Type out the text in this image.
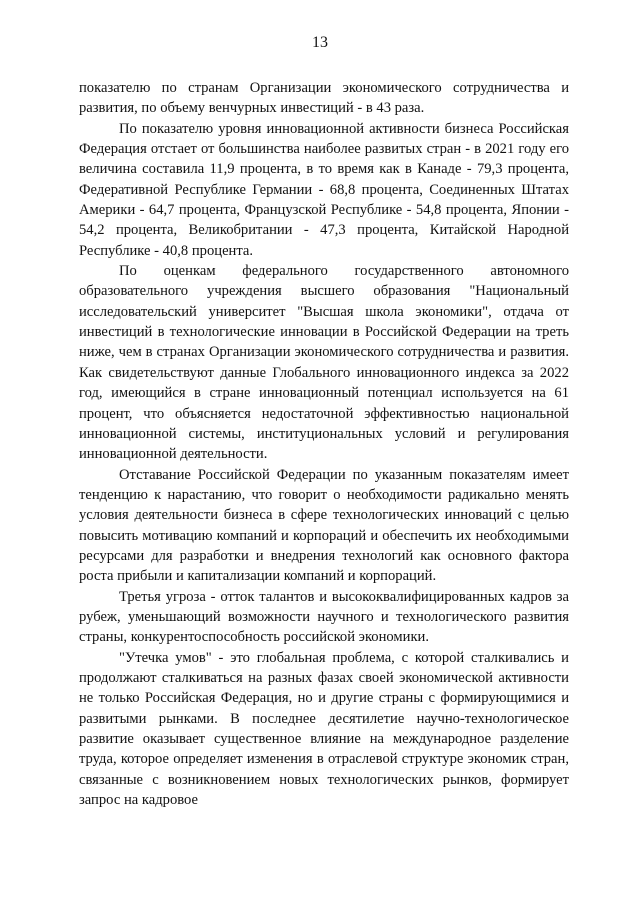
13

показателю по странам Организации экономического сотрудничества и развития, по объему венчурных инвестиций - в 43 раза.

По показателю уровня инновационной активности бизнеса Российская Федерация отстает от большинства наиболее развитых стран - в 2021 году его величина составила 11,9 процента, в то время как в Канаде - 79,3 процента, Федеративной Республике Германии - 68,8 процента, Соединенных Штатах Америки - 64,7 процента, Французской Республике - 54,8 процента, Японии - 54,2 процента, Великобритании - 47,3 процента, Китайской Народной Республике - 40,8 процента.

По оценкам федерального государственного автономного образовательного учреждения высшего образования "Национальный исследовательский университет "Высшая школа экономики", отдача от инвестиций в технологические инновации в Российской Федерации на треть ниже, чем в странах Организации экономического сотрудничества и развития. Как свидетельствуют данные Глобального инновационного индекса за 2022 год, имеющийся в стране инновационный потенциал используется на 61 процент, что объясняется недостаточной эффективностью национальной инновационной системы, институциональных условий и регулирования инновационной деятельности.

Отставание Российской Федерации по указанным показателям имеет тенденцию к нарастанию, что говорит о необходимости радикально менять условия деятельности бизнеса в сфере технологических инноваций с целью повысить мотивацию компаний и корпораций и обеспечить их необходимыми ресурсами для разработки и внедрения технологий как основного фактора роста прибыли и капитализации компаний и корпораций.

Третья угроза - отток талантов и высококвалифицированных кадров за рубеж, уменьшающий возможности научного и технологического развития страны, конкурентоспособность российской экономики.

"Утечка умов" - это глобальная проблема, с которой сталкивались и продолжают сталкиваться на разных фазах своей экономической активности не только Российская Федерация, но и другие страны с формирующимися и развитыми рынками. В последнее десятилетие научно-технологическое развитие оказывает существенное влияние на международное разделение труда, которое определяет изменения в отраслевой структуре экономик стран, связанные с возникновением новых технологических рынков, формирует запрос на кадровое
